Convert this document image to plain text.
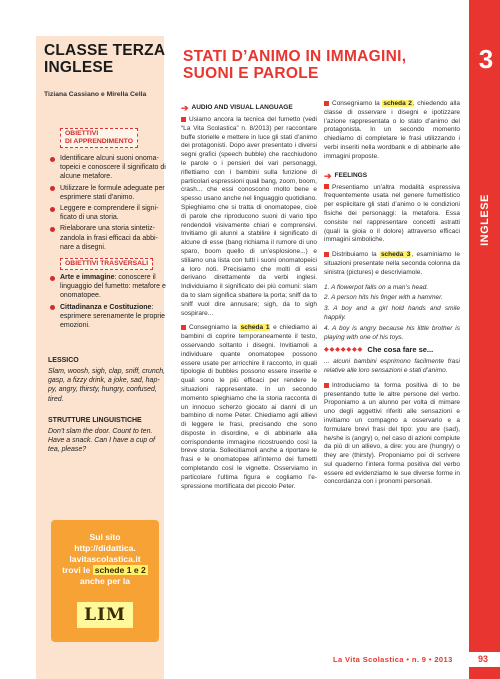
CLASSE TERZA
INGLESE
Tiziana Cassiano e Mirella Cella
OBIETTIVI
DI APPRENDIMENTO
Identificare alcuni suoni onomatopeici e conoscere il significato di alcune metafore.
Utilizzare le formule adeguate per esprimere stati d’animo.
Leggere e comprendere il significato di una storia.
Rielaborare una storia sintetizzandola in frasi efficaci da abbinare a disegni.
OBIETTIVI TRASVERSALI
Arte e immagine: conoscere il linguaggio del fumetto: metafore e onomatopee.
Cittadinanza e Costituzione: esprimere serenamente le proprie emozioni.
LESSICO
Slam, woosh, sigh, clap, sniff, crunch, gasp, a fizzy drink, a joke, sad, happy, angry, thirsty, hungry, confused, tired.
STRUTTURE LINGUISTICHE
Don’t slam the door. Count to ten. Have a snack. Can I have a cup of tea, please?
Sul sito
http://didattica.
lavitascolastica.it
trovi le schede 1 e 2
anche per la
LIM
STATI D’ANIMO IN IMMAGINI, SUONI E PAROLE
➔ AUDIO AND VISUAL LANGUAGE

Usiamo ancora la tecnica del fumetto (vedi “La Vita Scolastica” n. 8/2013) per raccontare buffe storielle e mettere in luce gli stati d’animo dei protagonisti. Dopo aver presentato i diversi segni grafici (speech bubble) che racchiudono le parole o i pensieri dei vari personaggi, riflettiamo con i bambini sulla funzione di particolari espressioni quali bang, zoom, boom, crash... che essi conoscono molto bene e spesso usano anche nel linguaggio quotidiano. Spieghiamo che si tratta di onomatopee, cioè di parole che riproducono suoni di vario tipo rendendoli visivamente chiari e comprensivi. Invitiamo gli alunni a stabilire il significato di alcune di esse (bang richiama il rumore di uno sparo, boom quello di un’esplosione...) e stiliamo una lista con tutti i suoni onomatopeici a loro noti. Precisiamo che molti di essi derivano direttamente da verbi inglesi. Individuiamo il significato dei più comuni: slam da to slam significa sbattere la porta; sniff da to sniff vuol dire annusare; sigh, da to sigh sospirare...

Consegniamo la scheda 1 e chiediamo ai bambini di coprire temporaneamente il testo, osservando soltanto i disegni. Invitiamoli a individuare quante onomatopee possono essere usate per arricchire il racconto, in quali tipologie di bubbles possono essere inserite e quali sono le più efficaci per rendere le situazioni rappresentate. In un secondo momento spieghiamo che la storia racconta di un innocuo scherzo giocato ai danni di un bambino di nome Peter. Chiediamo agli allievi di leggere le frasi, precisando che sono disposte in disordine, e di abbinarle alla corrispondente immagine ricostruendo così la breve storia. Sollecitiamoli anche a riportare le frasi e le onomatopee all’interno dei fumetti completando così le vignette. Osserviamo in particolare l’ultima figura e cogliamo l’espressione mortificata del piccolo Peter.

Consegniamo la scheda 2, chiedendo alla classe di osservare i disegni e ipotizzare l’azione rappresentata o lo stato d’animo del protagonista. In un secondo momento chiediamo di completare le frasi utilizzando i verbi inseriti nella wordbank e di abbinarle alle immagini proposte.

➔ FEELINGS

Presentiamo un’altra modalità espressiva frequentemente usata nel genere fumettistico per esplicitare gli stati d’animo o le condizioni fisiche dei personaggi: la metafora. Essa consiste nel rappresentare concetti astratti (quali la gioia o il dolore) attraverso efficaci immagini simboliche.

Distribuiamo la scheda 3, esaminiamo le situazioni presentate nella seconda colonna da sinistra (pictures) e descriviamole.

1. A flowerpot falls on a man’s head.

2. A person hits his finger with a hammer.

3. A boy and a girl hold hands and smile happily.

4. A boy is angry because his little brother is playing with one of his toys.

◆◆◆◆◆◆◆ Che cosa fare se...

... alcuni bambini esprimono facilmente frasi relative alle loro sensazioni e stati d’animo.

Introduciamo la forma positiva di to be presentando tutte le altre persone del verbo. Proponiamo a un alunno per volta di mimare uno degli aggettivi riferiti alle sensazioni e invitiamo un compagno a osservarlo e a formulare brevi frasi del tipo: you are (sad), he/she is (angry) o, nel caso di azioni compiute da più di un allievo, a dire: you are (hungry) o they are (thirsty). Proponiamo poi di scrivere sul quaderno l’intera forma positiva del verbo essere ed evidenziamo le sue diverse forme in concordanza con i pronomi personali.

3
INGLESE
La Vita Scolastica • n. 9 • 2013	93
